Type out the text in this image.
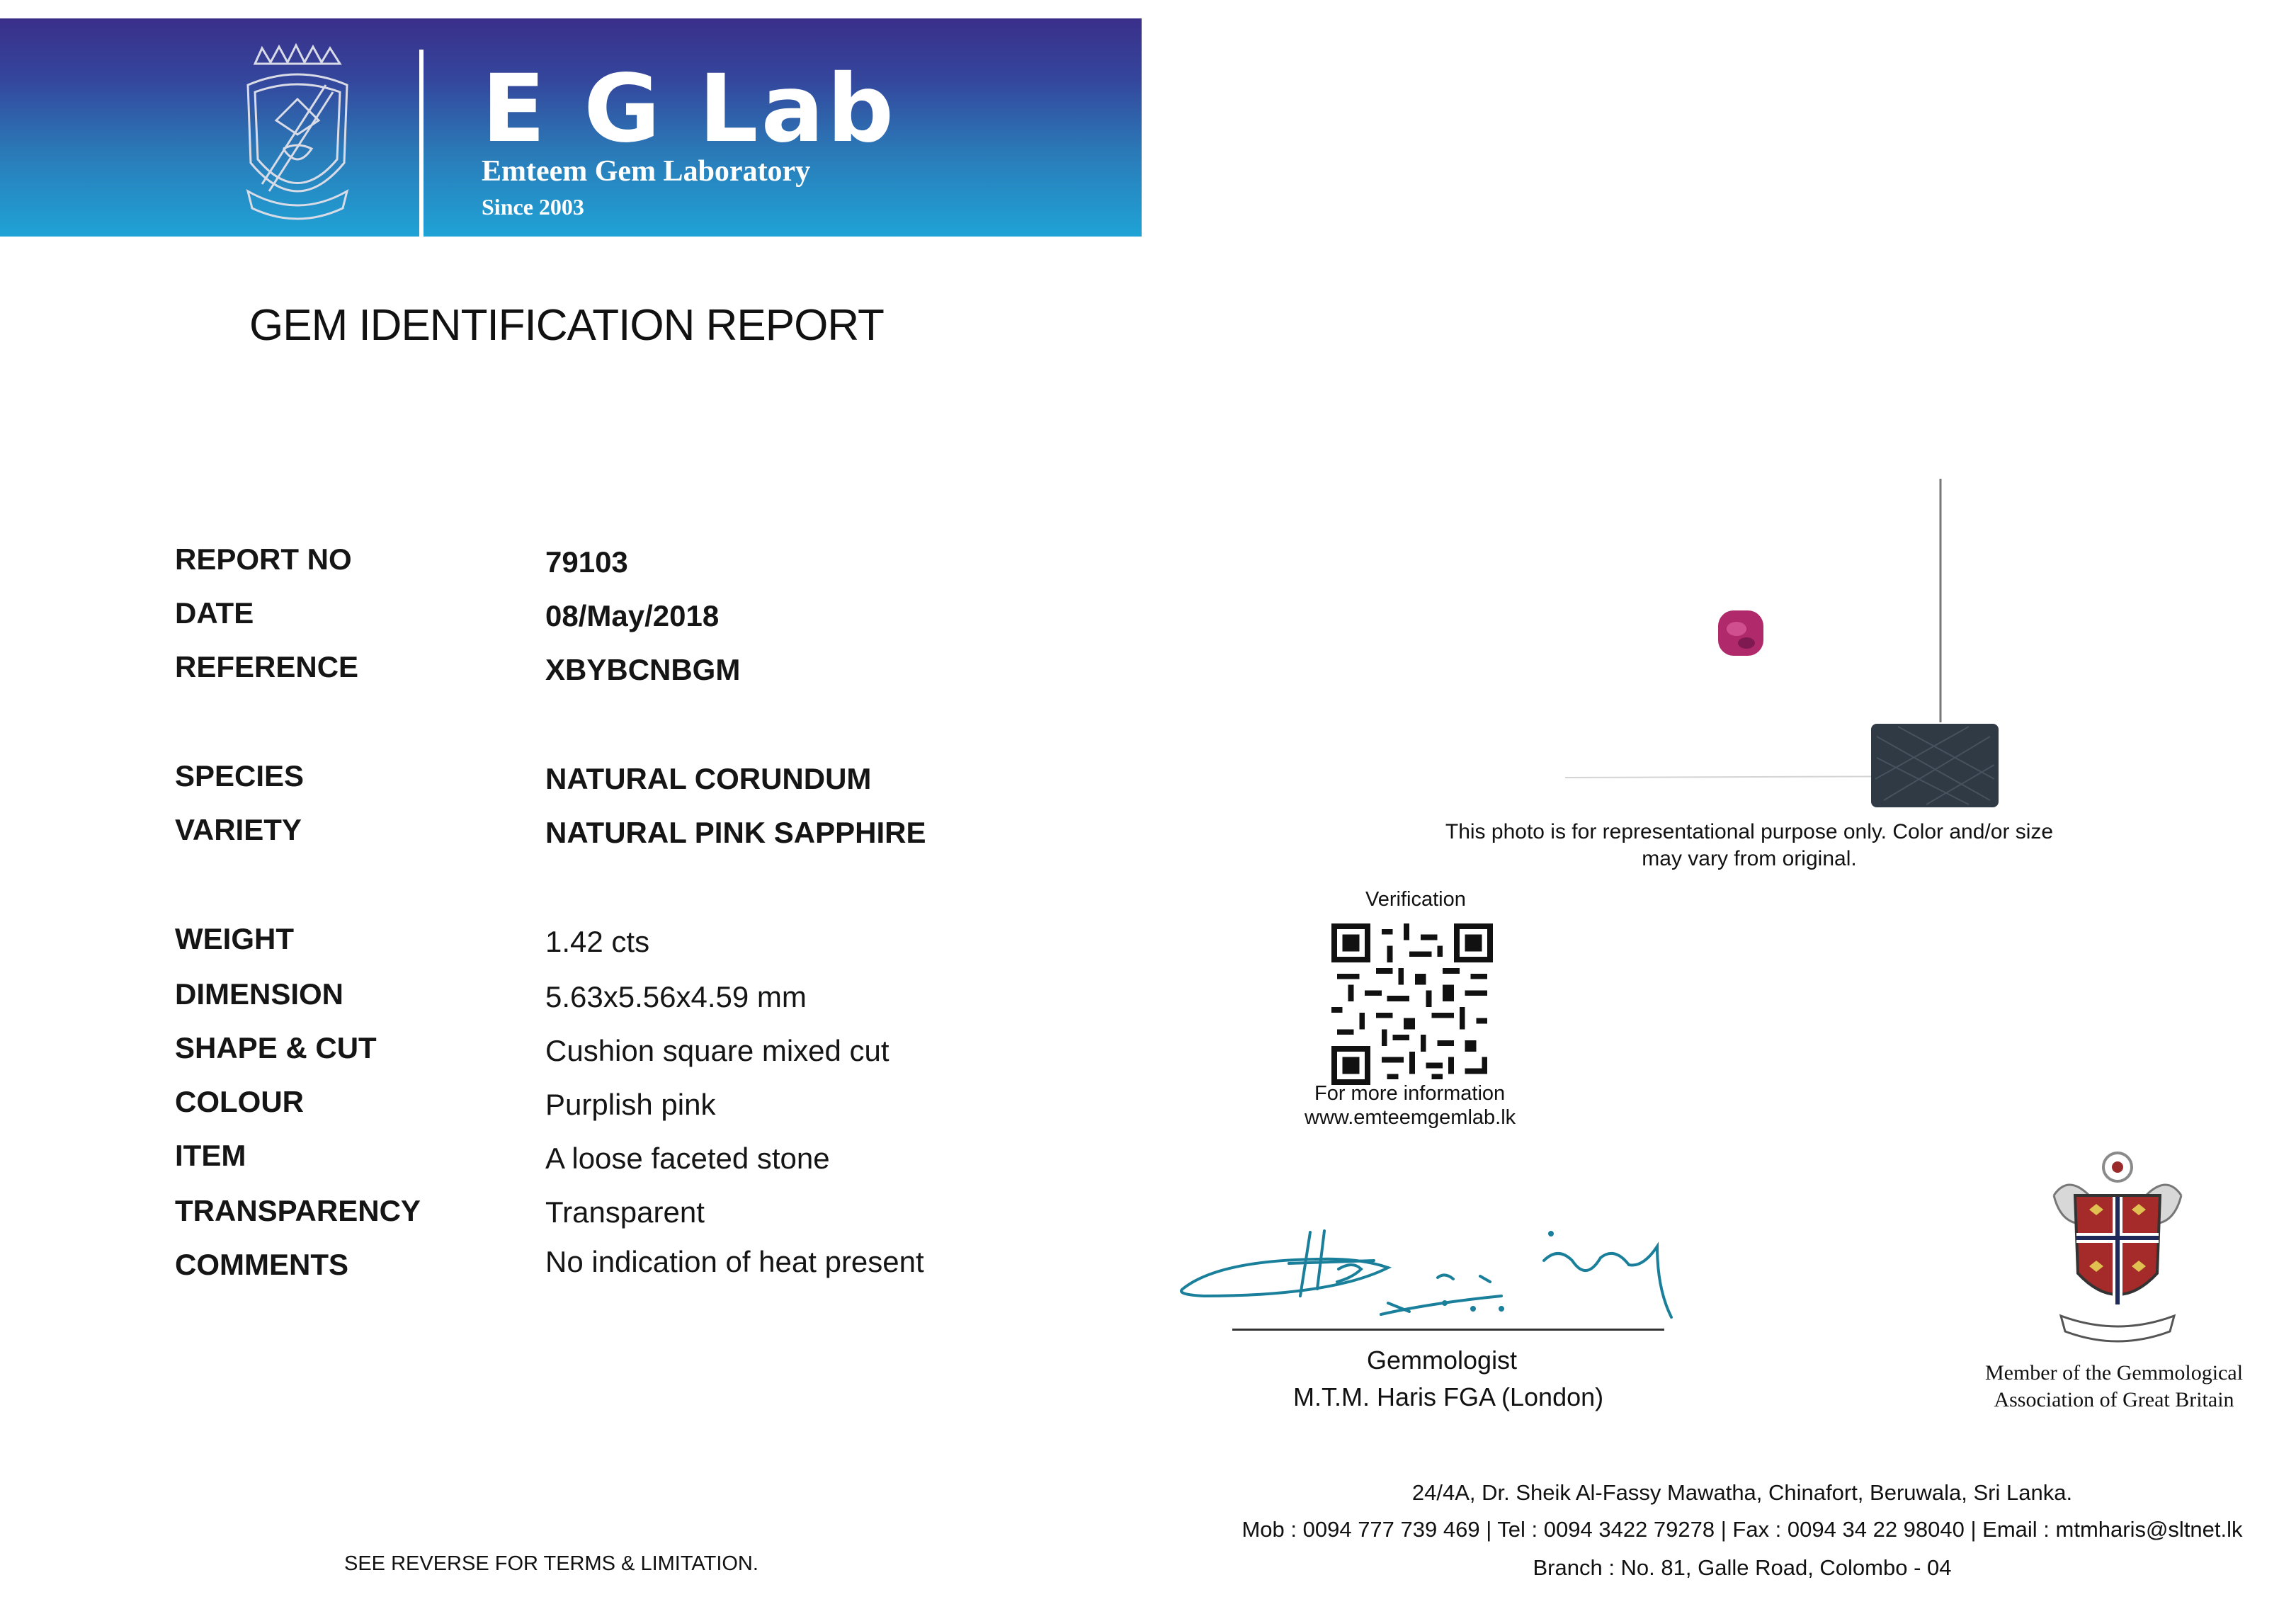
E G Lab

Emteem Gem Laboratory

Since 2003

GEM IDENTIFICATION REPORT
REPORT NO	79103
DATE	08/May/2018
REFERENCE	XBYBCNBGM
SPECIES	NATURAL CORUNDUM
VARIETY	NATURAL PINK SAPPHIRE
WEIGHT	1.42 cts
DIMENSION	5.63x5.56x4.59 mm
SHAPE & CUT	Cushion square mixed cut
COLOUR	Purplish pink
ITEM	A loose faceted stone
TRANSPARENCY	Transparent
COMMENTS	No indication of heat present
SEE REVERSE FOR TERMS & LIMITATION.
This photo is for representational purpose only. Color and/or size may vary from original.
Verification
For more information
www.emteemgemlab.lk
Gemmologist
M.T.M. Haris FGA (London)
Member of the Gemmological Association of Great Britain
24/4A, Dr. Sheik Al-Fassy Mawatha, Chinafort, Beruwala, Sri Lanka.
Mob : 0094 777 739 469 | Tel : 0094 3422 79278 | Fax : 0094 34 22 98040 | Email : mtmharis@sltnet.lk
Branch : No. 81, Galle Road, Colombo - 04
